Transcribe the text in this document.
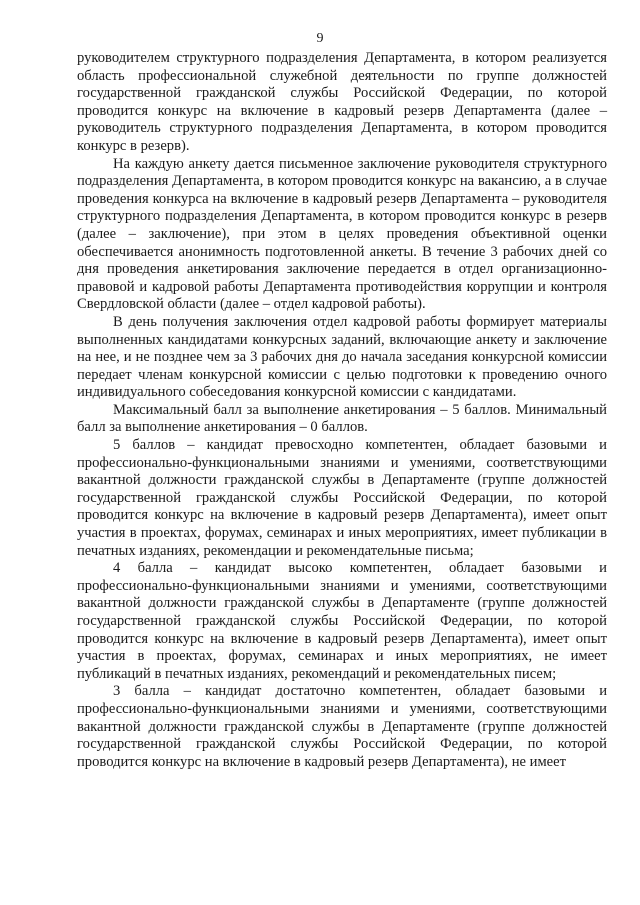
9

руководителем структурного подразделения Департамента, в котором реализуется область профессиональной служебной деятельности по группе должностей государственной гражданской службы Российской Федерации, по которой проводится конкурс на включение в кадровый резерв Департамента (далее – руководитель структурного подразделения Департамента, в котором проводится конкурс в резерв).

На каждую анкету дается письменное заключение руководителя структурного подразделения Департамента, в котором проводится конкурс на вакансию, а в случае проведения конкурса на включение в кадровый резерв Департамента – руководителя структурного подразделения Департамента, в котором проводится конкурс в резерв (далее – заключение), при этом в целях проведения объективной оценки обеспечивается анонимность подготовленной анкеты. В течение 3 рабочих дней со дня проведения анкетирования заключение передается в отдел организационно-правовой и кадровой работы Департамента противодействия коррупции и контроля Свердловской области (далее – отдел кадровой работы).

В день получения заключения отдел кадровой работы формирует материалы выполненных кандидатами конкурсных заданий, включающие анкету и заключение на нее, и не позднее чем за 3 рабочих дня до начала заседания конкурсной комиссии передает членам конкурсной комиссии с целью подготовки к проведению очного индивидуального собеседования конкурсной комиссии с кандидатами.

Максимальный балл за выполнение анкетирования – 5 баллов. Минимальный балл за выполнение анкетирования – 0 баллов.

5 баллов – кандидат превосходно компетентен, обладает базовыми и профессионально-функциональными знаниями и умениями, соответствующими вакантной должности гражданской службы в Департаменте (группе должностей государственной гражданской службы Российской Федерации, по которой проводится конкурс на включение в кадровый резерв Департамента), имеет опыт участия в проектах, форумах, семинарах и иных мероприятиях, имеет публикации в печатных изданиях, рекомендации и рекомендательные письма;

4 балла – кандидат высоко компетентен, обладает базовыми и профессионально-функциональными знаниями и умениями, соответствующими вакантной должности гражданской службы в Департаменте (группе должностей государственной гражданской службы Российской Федерации, по которой проводится конкурс на включение в кадровый резерв Департамента), имеет опыт участия в проектах, форумах, семинарах и иных мероприятиях, не имеет публикаций в печатных изданиях, рекомендаций и рекомендательных писем;

3 балла – кандидат достаточно компетентен, обладает базовыми и профессионально-функциональными знаниями и умениями, соответствующими вакантной должности гражданской службы в Департаменте (группе должностей государственной гражданской службы Российской Федерации, по которой проводится конкурс на включение в кадровый резерв Департамента), не имеет
